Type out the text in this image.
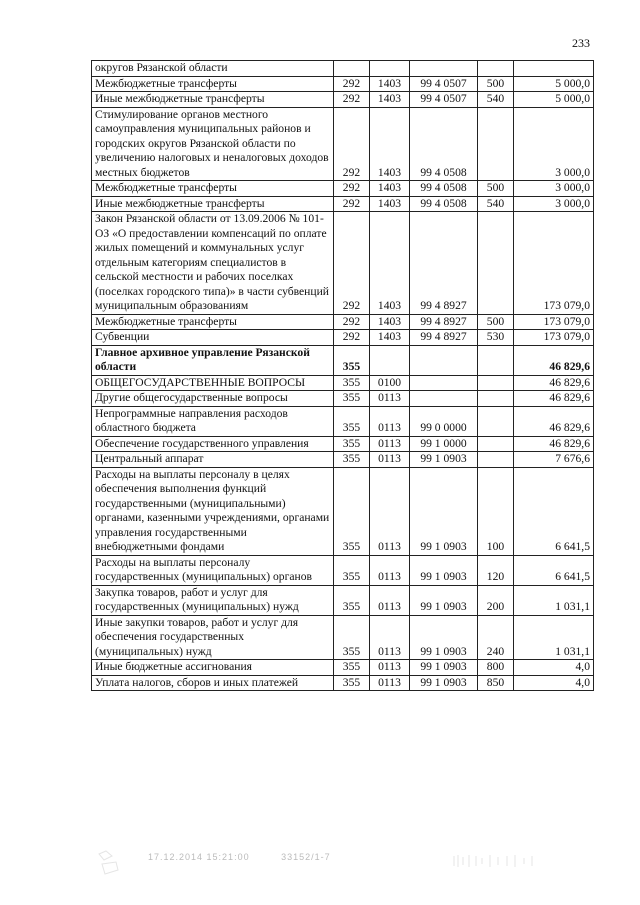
233
округов Рязанской области					
Межбюджетные трансферты	292	1403	99 4 0507	500	5 000,0
Иные межбюджетные трансферты	292	1403	99 4 0507	540	5 000,0
Стимулирование органов местного самоуправления муниципальных районов и городских округов Рязанской области по увеличению налоговых и неналоговых доходов местных бюджетов	292	1403	99 4 0508		3 000,0
Межбюджетные трансферты	292	1403	99 4 0508	500	3 000,0
Иные межбюджетные трансферты	292	1403	99 4 0508	540	3 000,0
Закон Рязанской области от 13.09.2006 № 101-ОЗ «О предоставлении компенсаций по оплате жилых помещений и коммунальных услуг отдельным категориям специалистов в сельской местности и рабочих поселках (поселках городского типа)» в части субвенций муниципальным образованиям	292	1403	99 4 8927		173 079,0
Межбюджетные трансферты	292	1403	99 4 8927	500	173 079,0
Субвенции	292	1403	99 4 8927	530	173 079,0
Главное архивное управление Рязанской области	355				46 829,6
ОБЩЕГОСУДАРСТВЕННЫЕ ВОПРОСЫ	355	0100			46 829,6
Другие общегосударственные вопросы	355	0113			46 829,6
Непрограммные направления расходов областного бюджета	355	0113	99 0 0000		46 829,6
Обеспечение государственного управления	355	0113	99 1 0000		46 829,6
Центральный аппарат	355	0113	99 1 0903		7 676,6
Расходы на выплаты персоналу в целях обеспечения выполнения функций государственными (муниципальными) органами, казенными учреждениями, органами управления государственными внебюджетными фондами	355	0113	99 1 0903	100	6 641,5
Расходы на выплаты персоналу государственных (муниципальных) органов	355	0113	99 1 0903	120	6 641,5
Закупка товаров, работ и услуг для государственных (муниципальных) нужд	355	0113	99 1 0903	200	1 031,1
Иные закупки товаров, работ и услуг для обеспечения государственных (муниципальных) нужд	355	0113	99 1 0903	240	1 031,1
Иные бюджетные ассигнования	355	0113	99 1 0903	800	4,0
Уплата налогов, сборов и иных платежей	355	0113	99 1 0903	850	4,0
17.12.2014 15:21:00	33152/1-7
